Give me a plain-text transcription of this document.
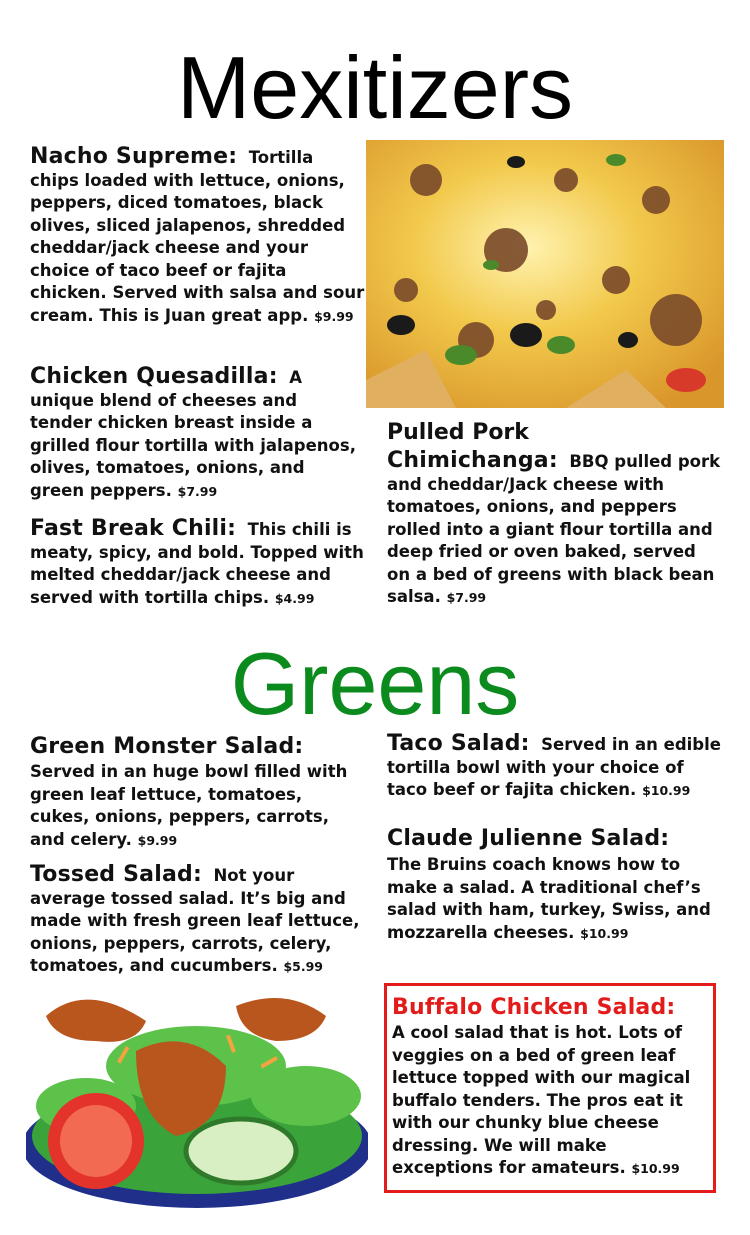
Mexitizers
Nacho Supreme: Tortilla chips loaded with lettuce, onions, peppers, diced tomatoes, black olives, sliced jalapenos, shredded cheddar/jack cheese and your choice of taco beef or fajita chicken. Served with salsa and sour cream. This is Juan great app. $9.99
Chicken Quesadilla: A unique blend of cheeses and tender chicken breast inside a grilled flour tortilla with jalapenos, olives, tomatoes, onions, and green peppers. $7.99
Fast Break Chili: This chili is meaty, spicy, and bold. Topped with melted cheddar/jack cheese and served with tortilla chips. $4.99
Pulled Pork
Chimichanga: BBQ pulled pork and cheddar/Jack cheese with tomatoes, onions, and peppers rolled into a giant flour tortilla and deep fried or oven baked, served on a bed of greens with black bean salsa. $7.99
Greens
Green Monster Salad:
Served in an huge bowl filled with green leaf lettuce, tomatoes, cukes, onions, peppers, carrots, and celery. $9.99
Tossed Salad: Not your average tossed salad. It’s big and made with fresh green leaf lettuce, onions, peppers, carrots, celery, tomatoes, and cucumbers. $5.99
Taco Salad: Served in an edible tortilla bowl with your choice of taco beef or fajita chicken. $10.99
Claude Julienne Salad:
The Bruins coach knows how to make a salad. A traditional chef’s salad with ham, turkey, Swiss, and mozzarella cheeses. $10.99
Buffalo Chicken Salad:
A cool salad that is hot. Lots of veggies on a bed of green leaf lettuce topped with our magical buffalo tenders. The pros eat it with our chunky blue cheese dressing. We will make exceptions for amateurs. $10.99
